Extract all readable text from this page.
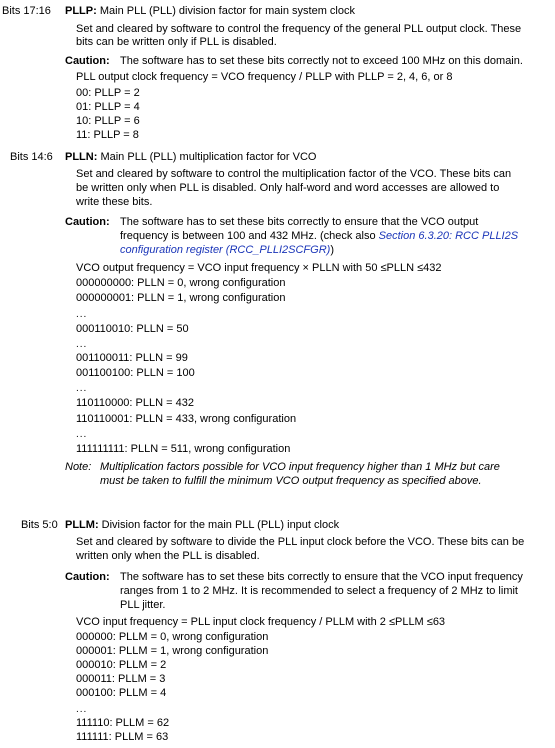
Bits 17:16 PLLP: Main PLL (PLL) division factor for main system clock
Set and cleared by software to control the frequency of the general PLL output clock. These
bits can be written only if PLL is disabled.
Caution: The software has to set these bits correctly not to exceed 100 MHz on this domain.
PLL output clock frequency = VCO frequency / PLLP with PLLP = 2, 4, 6, or 8
00: PLLP = 2
01: PLLP = 4
10: PLLP = 6
11: PLLP = 8
Bits 14:6 PLLN: Main PLL (PLL) multiplication factor for VCO
Set and cleared by software to control the multiplication factor of the VCO. These bits can
be written only when PLL is disabled. Only half-word and word accesses are allowed to
write these bits.
Caution: The software has to set these bits correctly to ensure that the VCO output
frequency is between 100 and 432 MHz. (check also Section 6.3.20: RCC PLLI2S
configuration register (RCC_PLLI2SCFGR))
VCO output frequency = VCO input frequency × PLLN with 50 ≤PLLN ≤432
000000000: PLLN = 0, wrong configuration
000000001: PLLN = 1, wrong configuration
...
000110010: PLLN = 50
...
001100011: PLLN = 99
001100100: PLLN = 100
...
110110000: PLLN = 432
110110001: PLLN = 433, wrong configuration
...
111111111: PLLN = 511, wrong configuration
Note: Multiplication factors possible for VCO input frequency higher than 1 MHz but care
must be taken to fulfill the minimum VCO output frequency as specified above.
Bits 5:0 PLLM: Division factor for the main PLL (PLL) input clock
Set and cleared by software to divide the PLL input clock before the VCO. These bits can be
written only when the PLL is disabled.
Caution: The software has to set these bits correctly to ensure that the VCO input frequency
ranges from 1 to 2 MHz. It is recommended to select a frequency of 2 MHz to limit
PLL jitter.
VCO input frequency = PLL input clock frequency / PLLM with 2 ≤PLLM ≤63
000000: PLLM = 0, wrong configuration
000001: PLLM = 1, wrong configuration
000010: PLLM = 2
000011: PLLM = 3
000100: PLLM = 4
...
111110: PLLM = 62
111111: PLLM = 63
